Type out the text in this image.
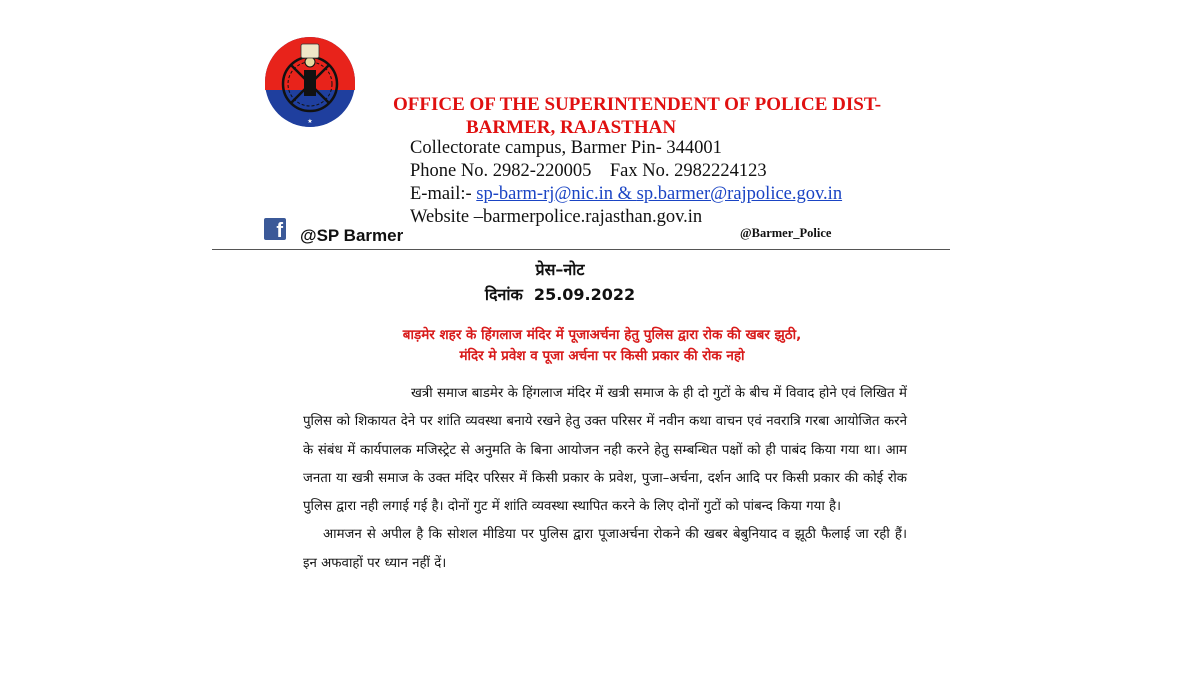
★
OFFICE OF THE SUPERINTENDENT OF POLICE DIST-
BARMER, RAJASTHAN
Collectorate campus, Barmer Pin- 344001
Phone No. 2982-220005    Fax No. 2982224123
E-mail:- sp-barm-rj@nic.in & sp.barmer@rajpolice.gov.in
Website –barmerpolice.rajasthan.gov.in
f @SP Barmer	@Barmer_Police
प्रेस–नोट
दिनांक  25.09.2022
बाड़मेर शहर के हिंगलाज मंदिर में पूजाअर्चना हेतु पुलिस द्वारा रोक की खबर झुठी,
मंदिर मे प्रवेश व पूजा अर्चना पर किसी प्रकार की रोक नहो

खत्री समाज बाडमेर के हिंगलाज मंदिर में खत्री समाज के ही दो गुटों के बीच में विवाद होने एवं लिखित में पुलिस को शिकायत देने पर शांति व्यवस्था बनाये रखने हेतु उक्त परिसर में नवीन कथा वाचन एवं नवरात्रि गरबा आयोजित करने के संबंध में कार्यपालक मजिस्ट्रेट से अनुमति के बिना आयोजन नही करने हेतु सम्बन्धित पक्षों को ही पाबंद किया गया था। आम जनता या खत्री समाज के उक्त मंदिर परिसर में किसी प्रकार के प्रवेश, पुजा–अर्चना, दर्शन आदि पर किसी प्रकार की कोई रोक पुलिस द्वारा नही लगाई गई है। दोनों गुट में शांति व्यवस्था स्थापित करने के लिए दोनों गुटों को पांबन्द किया गया है।

आमजन से अपील है कि सोशल मीडिया पर पुलिस द्वारा पूजाअर्चना रोकने की खबर बेबुनियाद व झूठी फैलाई जा रही हैं। इन अफवाहों पर ध्यान नहीं दें।
